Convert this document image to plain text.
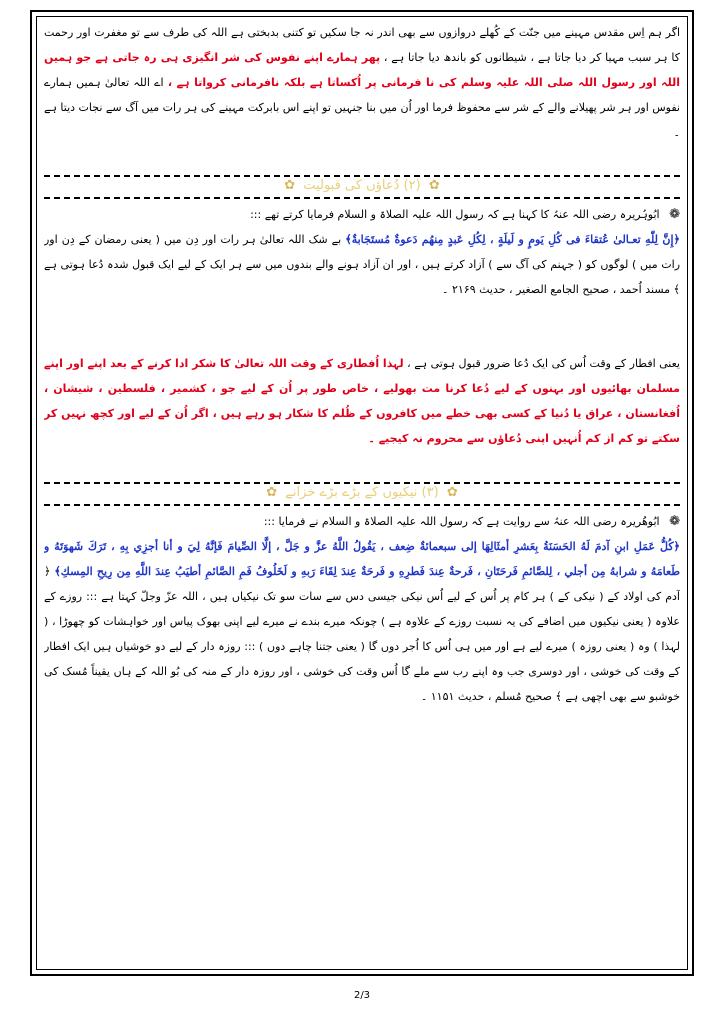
اگر ہم اِس مقدس مہینے میں جنّت کے کُھلے دروازوں سے بھی اندر نہ جا سکیں تو کتنی بدبختی ہے اللہ کی طرف سے تو مغفرت اور رحمت کا ہر سبب مہیا کر دیا جاتا ہے ، شیطانوں کو باندھ دیا جاتا ہے ، پھر ہمارے اپنے نفوس کی شر انگیزی ہی رہ جاتی ہے جو ہمیں اللہ اور رسول اللہ صلی اللہ علیہ وسلم کی نا فرمانی پر اُکساتا ہے بلکہ نافرمانی کرواتا ہے ، اے اللہ تعالیٰ ہمیں ہمارے نفوس اور ہر شر پھیلانے والے کے شر سے محفوظ فرما اور اُن میں بنا جنہیں تو اپنے اس بابرکت مہینے کی ہر رات میں آگ سے نجات دیتا ہے ۔

✿ (۲) دُعاؤں کی قبولیت ✿

❁ ابُوہُریرہ رضی اللہ عنہُ کا کہنا ہے کہ رسول اللہ علیہ الصلاۃ و السلام فرمایا کرتے تھے :::

﴿إِنَّ لِلّٰهِ تعـالىٰ عُتقاءَ فی كُلِ يَومٍ و لَيلَةٍ ، لِكُلِ عَبدٍ مِنهُم دَعوةٌ مُستَجَابةٌ﴾ بے شک اللہ تعالیٰ ہر رات اور دِن میں ( یعنی رمضان کے دِن اور رات میں ) لوگوں کو ( جہنم کی آگ سے ) آزاد کرتے ہیں ، اور ان آزاد ہونے والے بندوں میں سے ہر ایک کے لیے ایک قبول شدہ دُعا ہوتی ہے ﴾ مسند اُحمد ، صحیح الجامع الصغیر ، حدیث ۲۱۶۹ ۔

یعنی افطار کے وقت اُس کی ایک دُعا ضرور قبول ہوتی ہے ، لہذا اُفطاری کے وقت اللہ تعالیٰ کا شکر ادا کرنے کے بعد اپنے اور اپنے مسلمان بھائیوں اور بہنوں کے لیے دُعا کرنا مت بھولیے ، خاص طور پر اُن کے لیے جو ، کشمیر ، فلسطین ، شیشان ، اُفغانستان ، عراق یا دُنیا کے کسی بھی خطے میں کافروں کے ظُلم کا شکار ہو رہے ہیں ، اگر اُن کے لیے اور کچھ نہیں کر سکتے تو کم از کم اُنہیں اپنی دُعاؤں سے محروم نہ کیجیے ۔

✿ (۳) نیکیوں کے بڑے بڑے خزانے ✿

❁ ابُوھُریرہ رضی اللہ عنہُ سے روایت ہے کہ رسول اللہ علیہ الصلاۃ و السلام نے فرمایا :::

﴿كُلُّ عَمَلِ ابنِ آدمَ لَهُ الحَسَنَةُ بِعَشرِ أمثَالِهَا إلى سبعمائةٌ ضِعف ، يَقُولُ اللَّهُ عزَّ و جَلَّ ، إلَّا الصِّيامَ فَإنَّهُ لِيَ و أنا أجزِي بِهِ ، تَرَكَ شَهوَتَهُ و طَعامَهُ و شرابهُ مِن أجلي ، لِلصَّائمِ فَرحَتَانِ ، فَرحةٌ عِندَ فَطرِهِ و فَرحَةٌ عِندَ لِقَاءَ رَبهِ و لَخَلُوفُ فَمِ الصَّائمِ أطيَبُ عِندَ اللَّهِ مِن رِيحِ المِسكِ﴾ ﴿ آدم کی اولاد کے ( نیکی کے ) ہر کام پر اُس کے لیے اُس نیکی جیسی دس سے سات سو تک نیکیاں ہیں ، اللہ عزّ وجلّ کہتا ہے ::: روزے کے علاوہ ( یعنی نیکیوں میں اضافے کی یہ نسبت روزے کے علاوہ ہے ) چونکہ میرے بندے نے میرے لیے اپنی بھوک پیاس اور خواہشات کو چھوڑا ، ( لہذا ) وہ ( یعنی روزہ ) میرے لیے ہے اور میں ہی اُس کا اُجر دوں گا ( یعنی جتنا چاہے دوں ) ::: روزہ دار کے لیے دو خوشیاں ہیں ایک افطار کے وقت کی خوشی ، اور دوسری جب وہ اپنے رب سے ملے گا اُس وقت کی خوشی ، اور روزہ دار کے منہ کی بُو اللہ کے ہاں یقیناً مُسک کی خوشبو سے بھی اچھی ہے ﴾ صحیح مُسلم ، حدیث ۱۱۵۱ ۔

2/3
